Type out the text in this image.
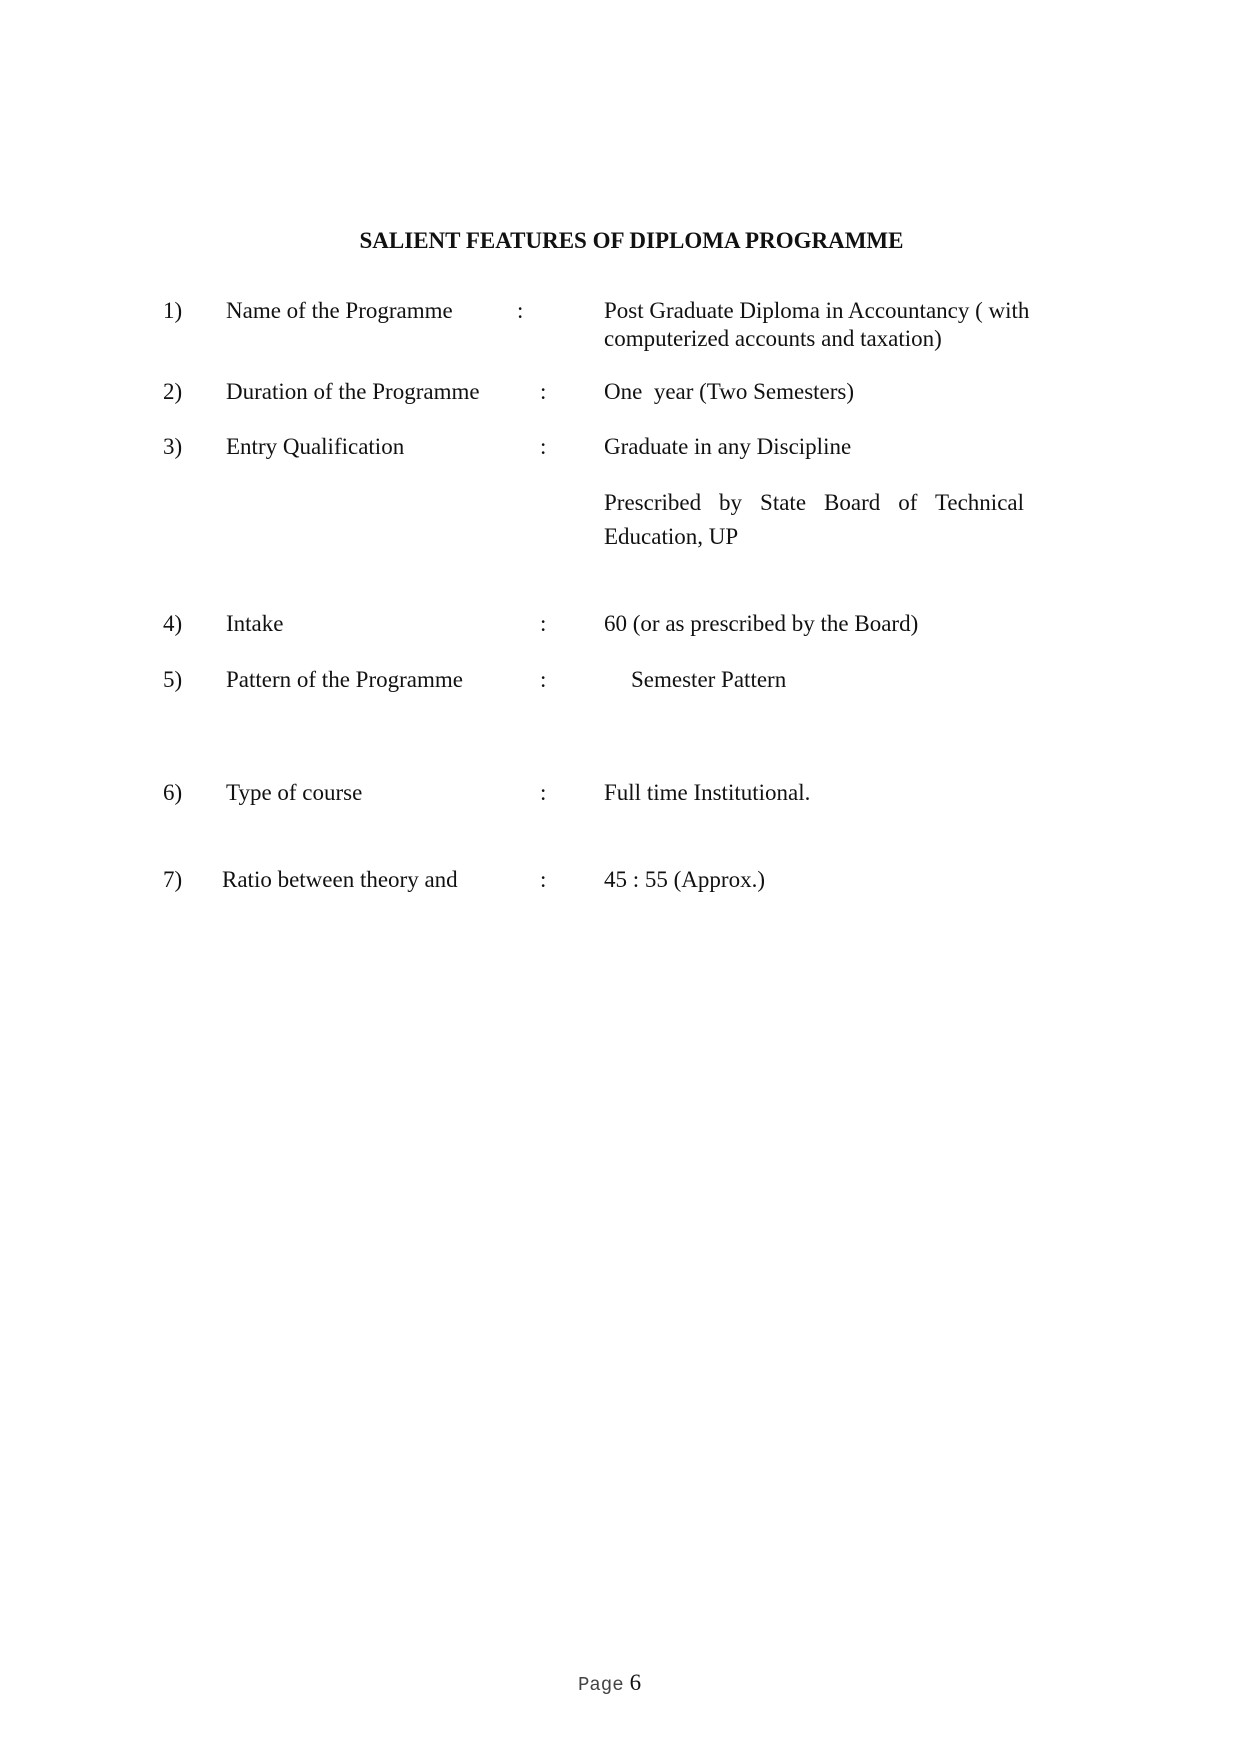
SALIENT FEATURES OF DIPLOMA PROGRAMME
1) Name of the Programme	:	Post Graduate Diploma in Accountancy ( with computerized accounts and taxation)
2) Duration of the Programme	:	One  year (Two Semesters)
3) Entry Qualification	:	Graduate in any Discipline
Prescribed by State Board of Technical Education, UP
4) Intake	:	60 (or as prescribed by the Board)
5) Pattern of the Programme	:	Semester Pattern
6) Type of course	:	Full time Institutional.
7) Ratio between theory and	:	45 : 55 (Approx.)
Page 6
